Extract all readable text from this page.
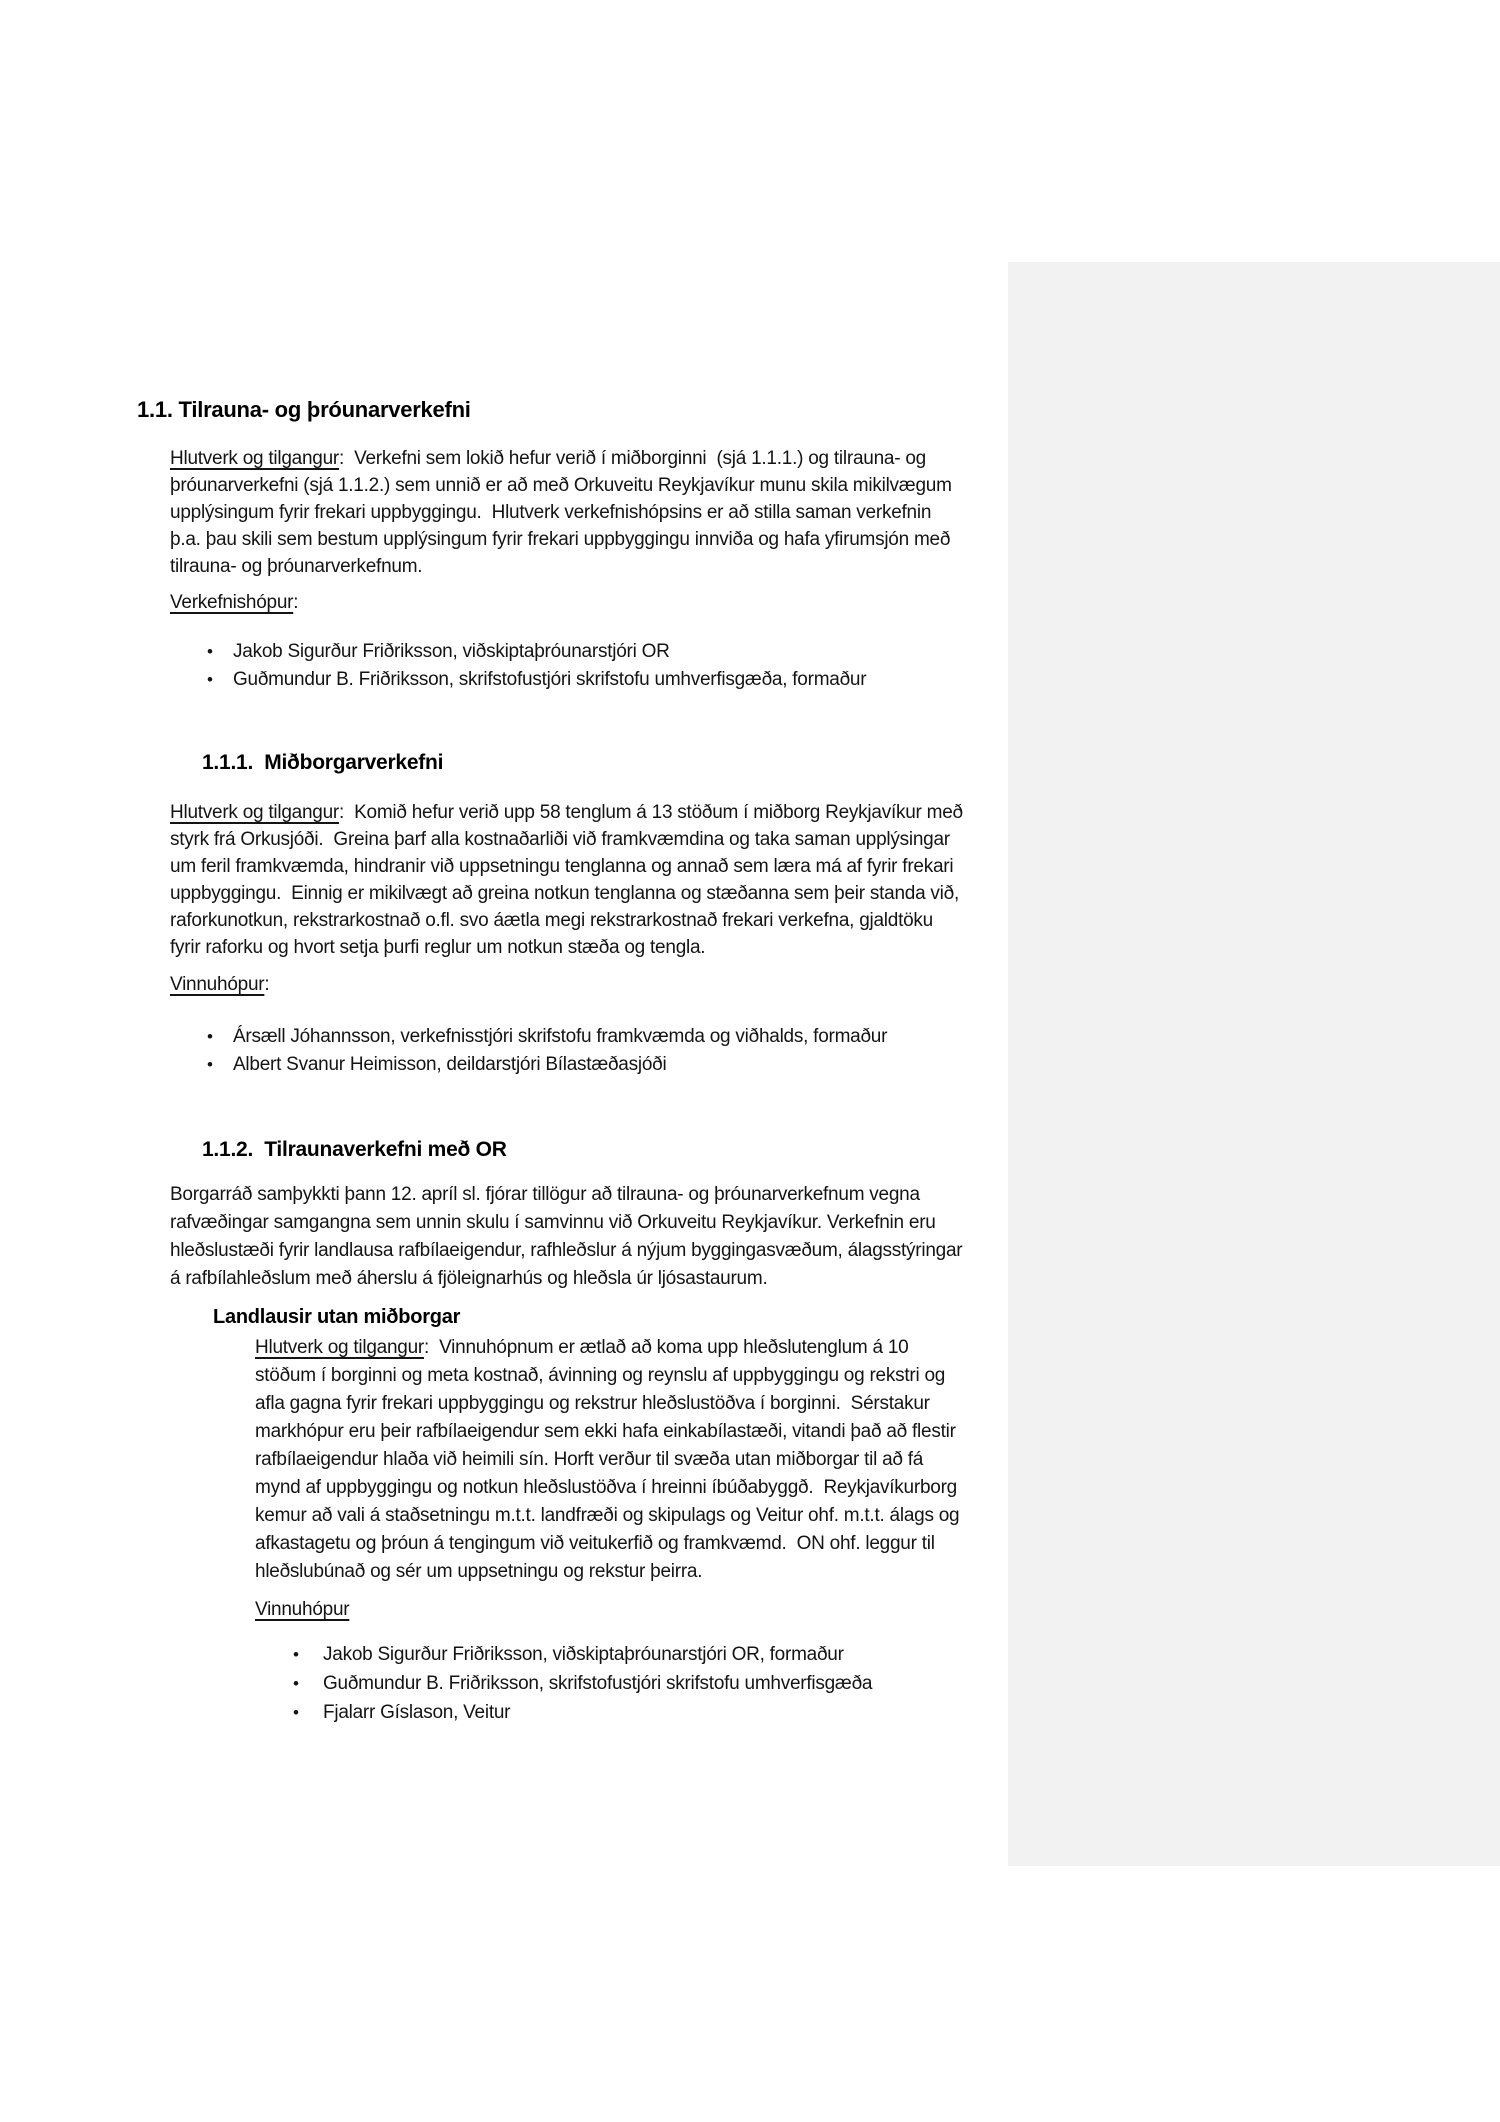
1.1. Tilrauna- og þróunarverkefni
Hlutverk og tilgangur:  Verkefni sem lokið hefur verið í miðborginni  (sjá 1.1.1.) og tilrauna- og
þróunarverkefni (sjá 1.1.2.) sem unnið er að með Orkuveitu Reykjavíkur munu skila mikilvægum
upplýsingum fyrir frekari uppbyggingu.  Hlutverk verkefnishópsins er að stilla saman verkefnin
þ.a. þau skili sem bestum upplýsingum fyrir frekari uppbyggingu innviða og hafa yfirumsjón með
tilrauna- og þróunarverkefnum.
Verkefnishópur:
•	Jakob Sigurður Friðriksson, viðskiptaþróunarstjóri OR
•	Guðmundur B. Friðriksson, skrifstofustjóri skrifstofu umhverfisgæða, formaður
1.1.1.  Miðborgarverkefni
Hlutverk og tilgangur:  Komið hefur verið upp 58 tenglum á 13 stöðum í miðborg Reykjavíkur með
styrk frá Orkusjóði.  Greina þarf alla kostnaðarliði við framkvæmdina og taka saman upplýsingar
um feril framkvæmda, hindranir við uppsetningu tenglanna og annað sem læra má af fyrir frekari
uppbyggingu.  Einnig er mikilvægt að greina notkun tenglanna og stæðanna sem þeir standa við,
raforkunotkun, rekstrarkostnað o.fl. svo áætla megi rekstrarkostnað frekari verkefna, gjaldtöku
fyrir raforku og hvort setja þurfi reglur um notkun stæða og tengla.
Vinnuhópur:
•	Ársæll Jóhannsson, verkefnisstjóri skrifstofu framkvæmda og viðhalds, formaður
•	Albert Svanur Heimisson, deildarstjóri Bílastæðasjóði
1.1.2.  Tilraunaverkefni með OR
Borgarráð samþykkti þann 12. apríl sl. fjórar tillögur að tilrauna- og þróunarverkefnum vegna
rafvæðingar samgangna sem unnin skulu í samvinnu við Orkuveitu Reykjavíkur. Verkefnin eru
hleðslustæði fyrir landlausa rafbílaeigendur, rafhleðslur á nýjum byggingasvæðum, álagsstýringar
á rafbílahleðslum með áherslu á fjöleignarhús og hleðsla úr ljósastaurum.
Landlausir utan miðborgar
Hlutverk og tilgangur:  Vinnuhópnum er ætlað að koma upp hleðslutenglum á 10
stöðum í borginni og meta kostnað, ávinning og reynslu af uppbyggingu og rekstri og
afla gagna fyrir frekari uppbyggingu og rekstrur hleðslustöðva í borginni.  Sérstakur
markhópur eru þeir rafbílaeigendur sem ekki hafa einkabílastæði, vitandi það að flestir
rafbílaeigendur hlaða við heimili sín. Horft verður til svæða utan miðborgar til að fá
mynd af uppbyggingu og notkun hleðslustöðva í hreinni íbúðabyggð.  Reykjavíkurborg
kemur að vali á staðsetningu m.t.t. landfræði og skipulags og Veitur ohf. m.t.t. álags og
afkastagetu og þróun á tengingum við veitukerfið og framkvæmd.  ON ohf. leggur til
hleðslubúnað og sér um uppsetningu og rekstur þeirra.
Vinnuhópur
•	Jakob Sigurður Friðriksson, viðskiptaþróunarstjóri OR, formaður
•	Guðmundur B. Friðriksson, skrifstofustjóri skrifstofu umhverfisgæða
•	Fjalarr Gíslason, Veitur
